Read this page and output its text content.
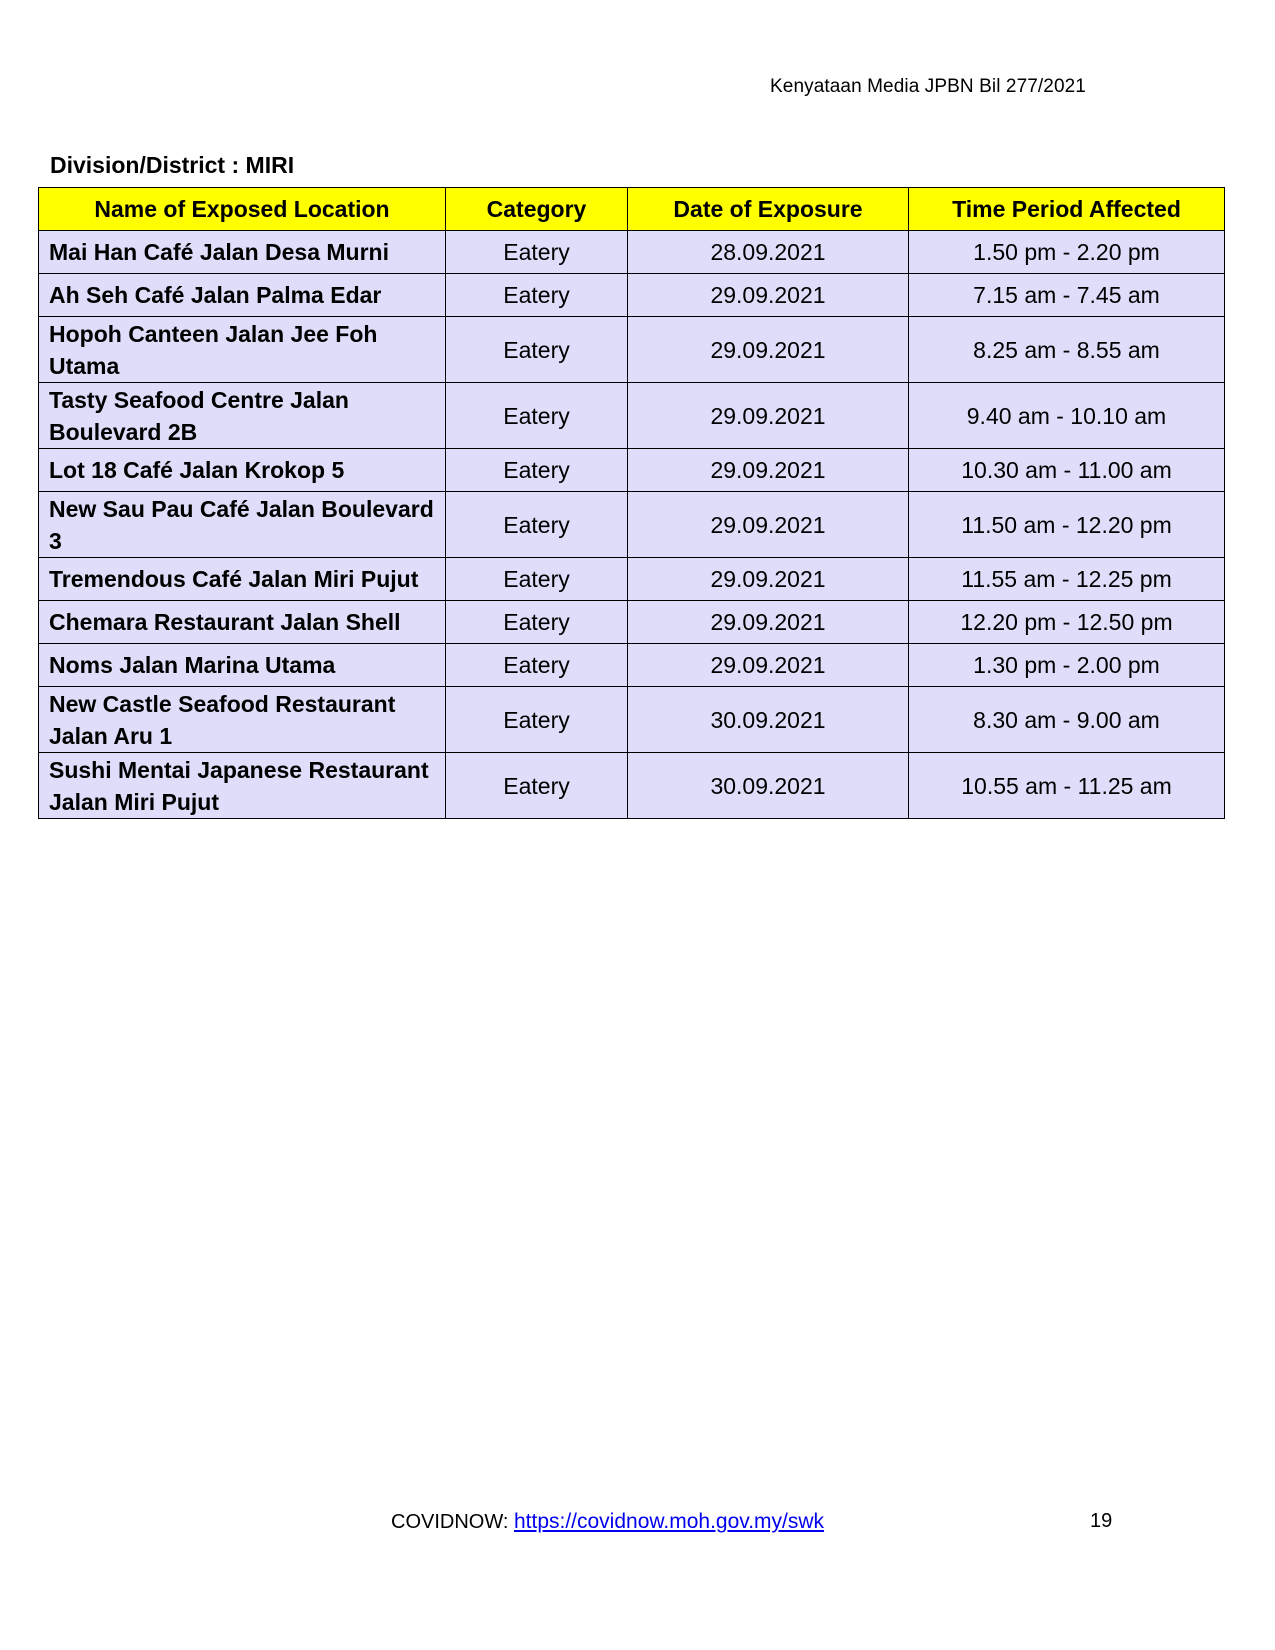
Kenyataan Media JPBN Bil 277/2021
Division/District : MIRI
Name of Exposed Location	Category	Date of Exposure	Time Period Affected
Mai Han Café Jalan Desa Murni	Eatery	28.09.2021	1.50 pm - 2.20 pm
Ah Seh Café Jalan Palma Edar	Eatery	29.09.2021	7.15 am - 7.45 am
Hopoh Canteen Jalan Jee Foh Utama	Eatery	29.09.2021	8.25 am - 8.55 am
Tasty Seafood Centre Jalan Boulevard 2B	Eatery	29.09.2021	9.40 am - 10.10 am
Lot 18 Café Jalan Krokop 5	Eatery	29.09.2021	10.30 am - 11.00 am
New Sau Pau Café Jalan Boulevard 3	Eatery	29.09.2021	11.50 am - 12.20 pm
Tremendous Café Jalan Miri Pujut	Eatery	29.09.2021	11.55 am - 12.25 pm
Chemara Restaurant Jalan Shell	Eatery	29.09.2021	12.20 pm - 12.50 pm
Noms Jalan Marina Utama	Eatery	29.09.2021	1.30 pm - 2.00 pm
New Castle Seafood Restaurant Jalan Aru 1	Eatery	30.09.2021	8.30 am - 9.00 am
Sushi Mentai Japanese Restaurant Jalan Miri Pujut	Eatery	30.09.2021	10.55 am - 11.25 am
COVIDNOW: https://covidnow.moh.gov.my/swk	19
